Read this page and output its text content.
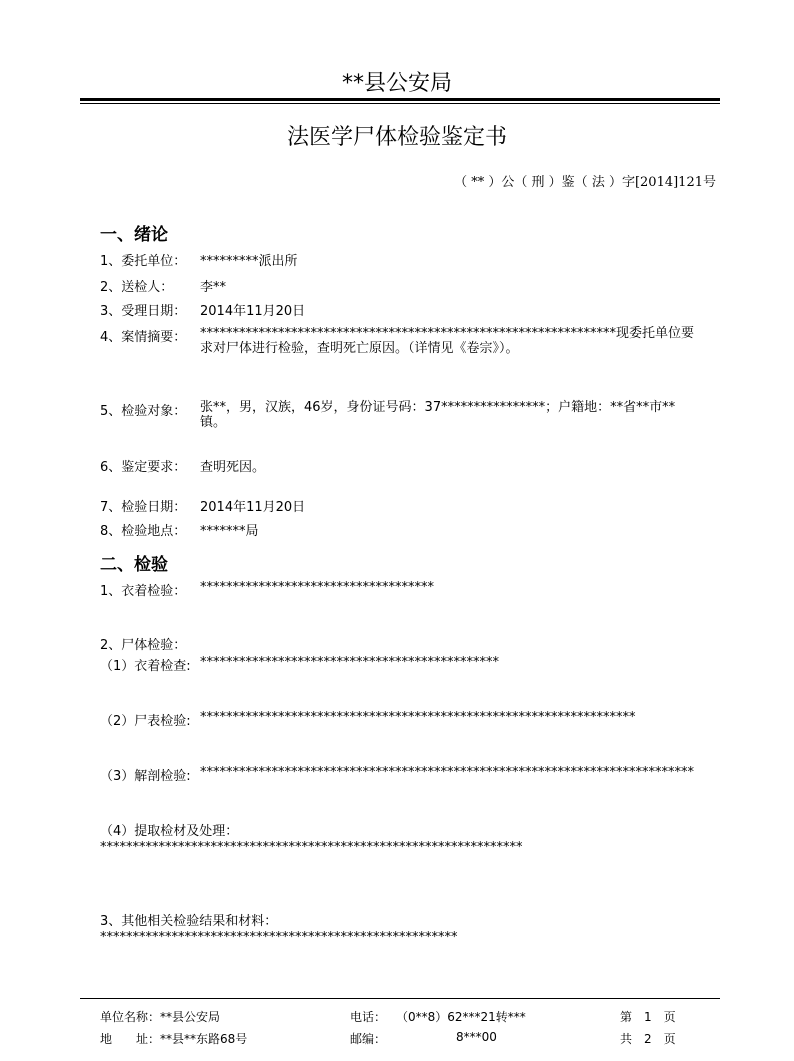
**县公安局
法医学尸体检验鉴定书
（ ** ）公（ 刑 ）鉴（ 法 ）字[2014]121号
一、绪论
1、委托单位： *********派出所
2、送检人： 李**
3、受理日期： 2014年11月20日
4、案情摘要： ****************************************************************现委托单位要求对尸体进行检验，查明死亡原因。（详情见《卷宗》）。
5、检验对象： 张**，男，汉族，46岁，身份证号码：37****************；户籍地：**省**市**镇。
6、鉴定要求： 查明死因。
7、检验日期： 2014年11月20日
8、检验地点： *******局
二、检验
1、衣着检验： ************************************
2、尸体检验：
（1）衣着检查: **********************************************
（2）尸表检验: *******************************************************************
（3）解剖检验: ****************************************************************************
（4）提取检材及处理：
*****************************************************************
3、其他相关检验结果和材料：
*******************************************************
单位名称：**县公安局
地　　址：**县**东路68号
电话： （0**8）62***21转***
邮编：	8***00
第　1　页
共　2　页
